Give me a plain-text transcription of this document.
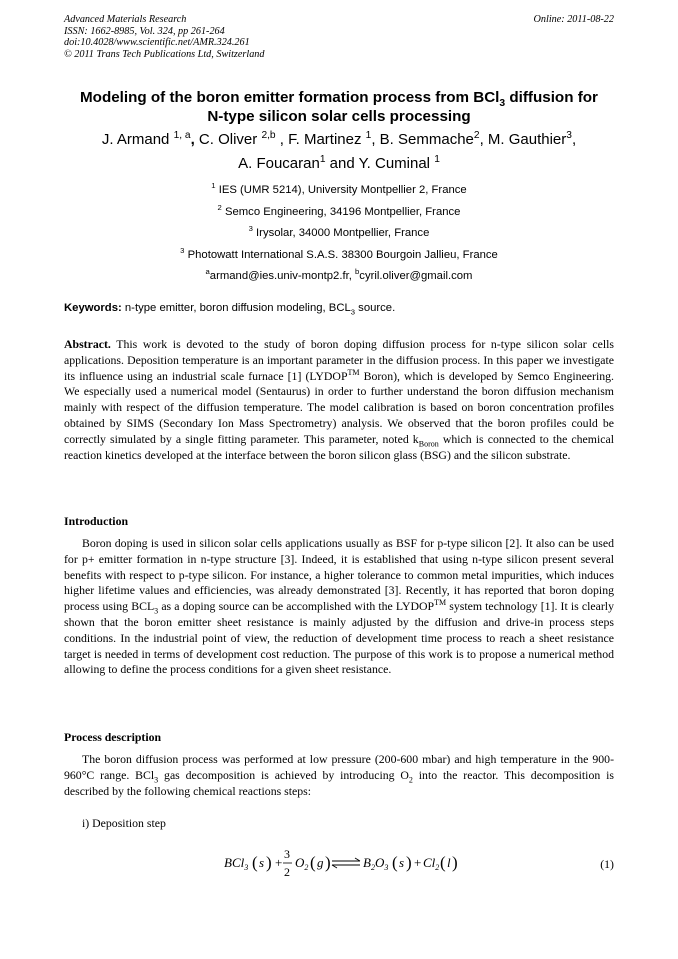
Advanced Materials Research
ISSN: 1662-8985, Vol. 324, pp 261-264
doi:10.4028/www.scientific.net/AMR.324.261
© 2011 Trans Tech Publications Ltd, Switzerland
Online: 2011-08-22
Modeling of the boron emitter formation process from BCl$_3$ diffusion for
N-type silicon solar cells processing
J. Armand $^{1, a}$, C. Oliver $^{2,b}$ , F. Martinez $^1$, B. Semmache$^2$, M. Gauthier$^3$,
A. Foucaran$^1$ and Y. Cuminal $^1$
$^1$ IES (UMR 5214), University Montpellier 2, France
$^2$ Semco Engineering, 34196 Montpellier, France
$^3$ Irysolar, 34000 Montpellier, France
$^3$ Photowatt International S.A.S. 38300 Bourgoin Jallieu, France
$^a$armand@ies.univ-montp2.fr, $^b$cyril.oliver@gmail.com
Keywords: n-type emitter, boron diffusion modeling, $BCL_3$ source.
Abstract. This work is devoted to the study of boron doping diffusion process for n-type silicon solar cells applications. Deposition temperature is an important parameter in the diffusion process. In this paper we investigate its influence using an industrial scale furnace [1] (LYDOP™ Boron), which is developed by Semco Engineering. We especially used a numerical model (Sentaurus) in order to further understand the boron diffusion mechanism mainly with respect of the diffusion temperature. The model calibration is based on boron concentration profiles obtained by SIMS (Secondary Ion Mass Spectrometry) analysis. We observed that the boron profiles could be correctly simulated by a single fitting parameter. This parameter, noted $k_{Boron}$ which is connected to the chemical reaction kinetics developed at the interface between the boron silicon glass (BSG) and the silicon substrate.
Introduction
Boron doping is used in silicon solar cells applications usually as BSF for p-type silicon [2]. It also can be used for p+ emitter formation in n-type structure [3]. Indeed, it is established that using n-type silicon present several benefits with respect to p-type silicon. For instance, a higher tolerance to common metal impurities, which induces higher lifetime values and efficiencies, was already demonstrated [3]. Recently, it has reported that boron doping process using $BCL_3$ as a doping source can be accomplished with the LYDOP™ system technology [1]. It is clearly shown that the boron emitter sheet resistance is mainly adjusted by the diffusion and drive-in process steps conditions. In the industrial point of view, the reduction of development time process to reach a sheet resistance target is needed in terms of development cost reduction. The purpose of this work is to propose a numerical method allowing to define the process conditions for a given sheet resistance.
Process description
The boron diffusion process was performed at low pressure (200-600 mbar) and high temperature in the 900-960°C range. BCl$_3$ gas decomposition is achieved by introducing $O_2$ into the reactor. This decomposition is described by the following chemical reactions steps:
i) Deposition step
BCl$_3$ ( s ) +
3
2
$O_2$ ( g ) $B_2O_3$ ( s ) + $Cl_2$ ( l )	(1)
